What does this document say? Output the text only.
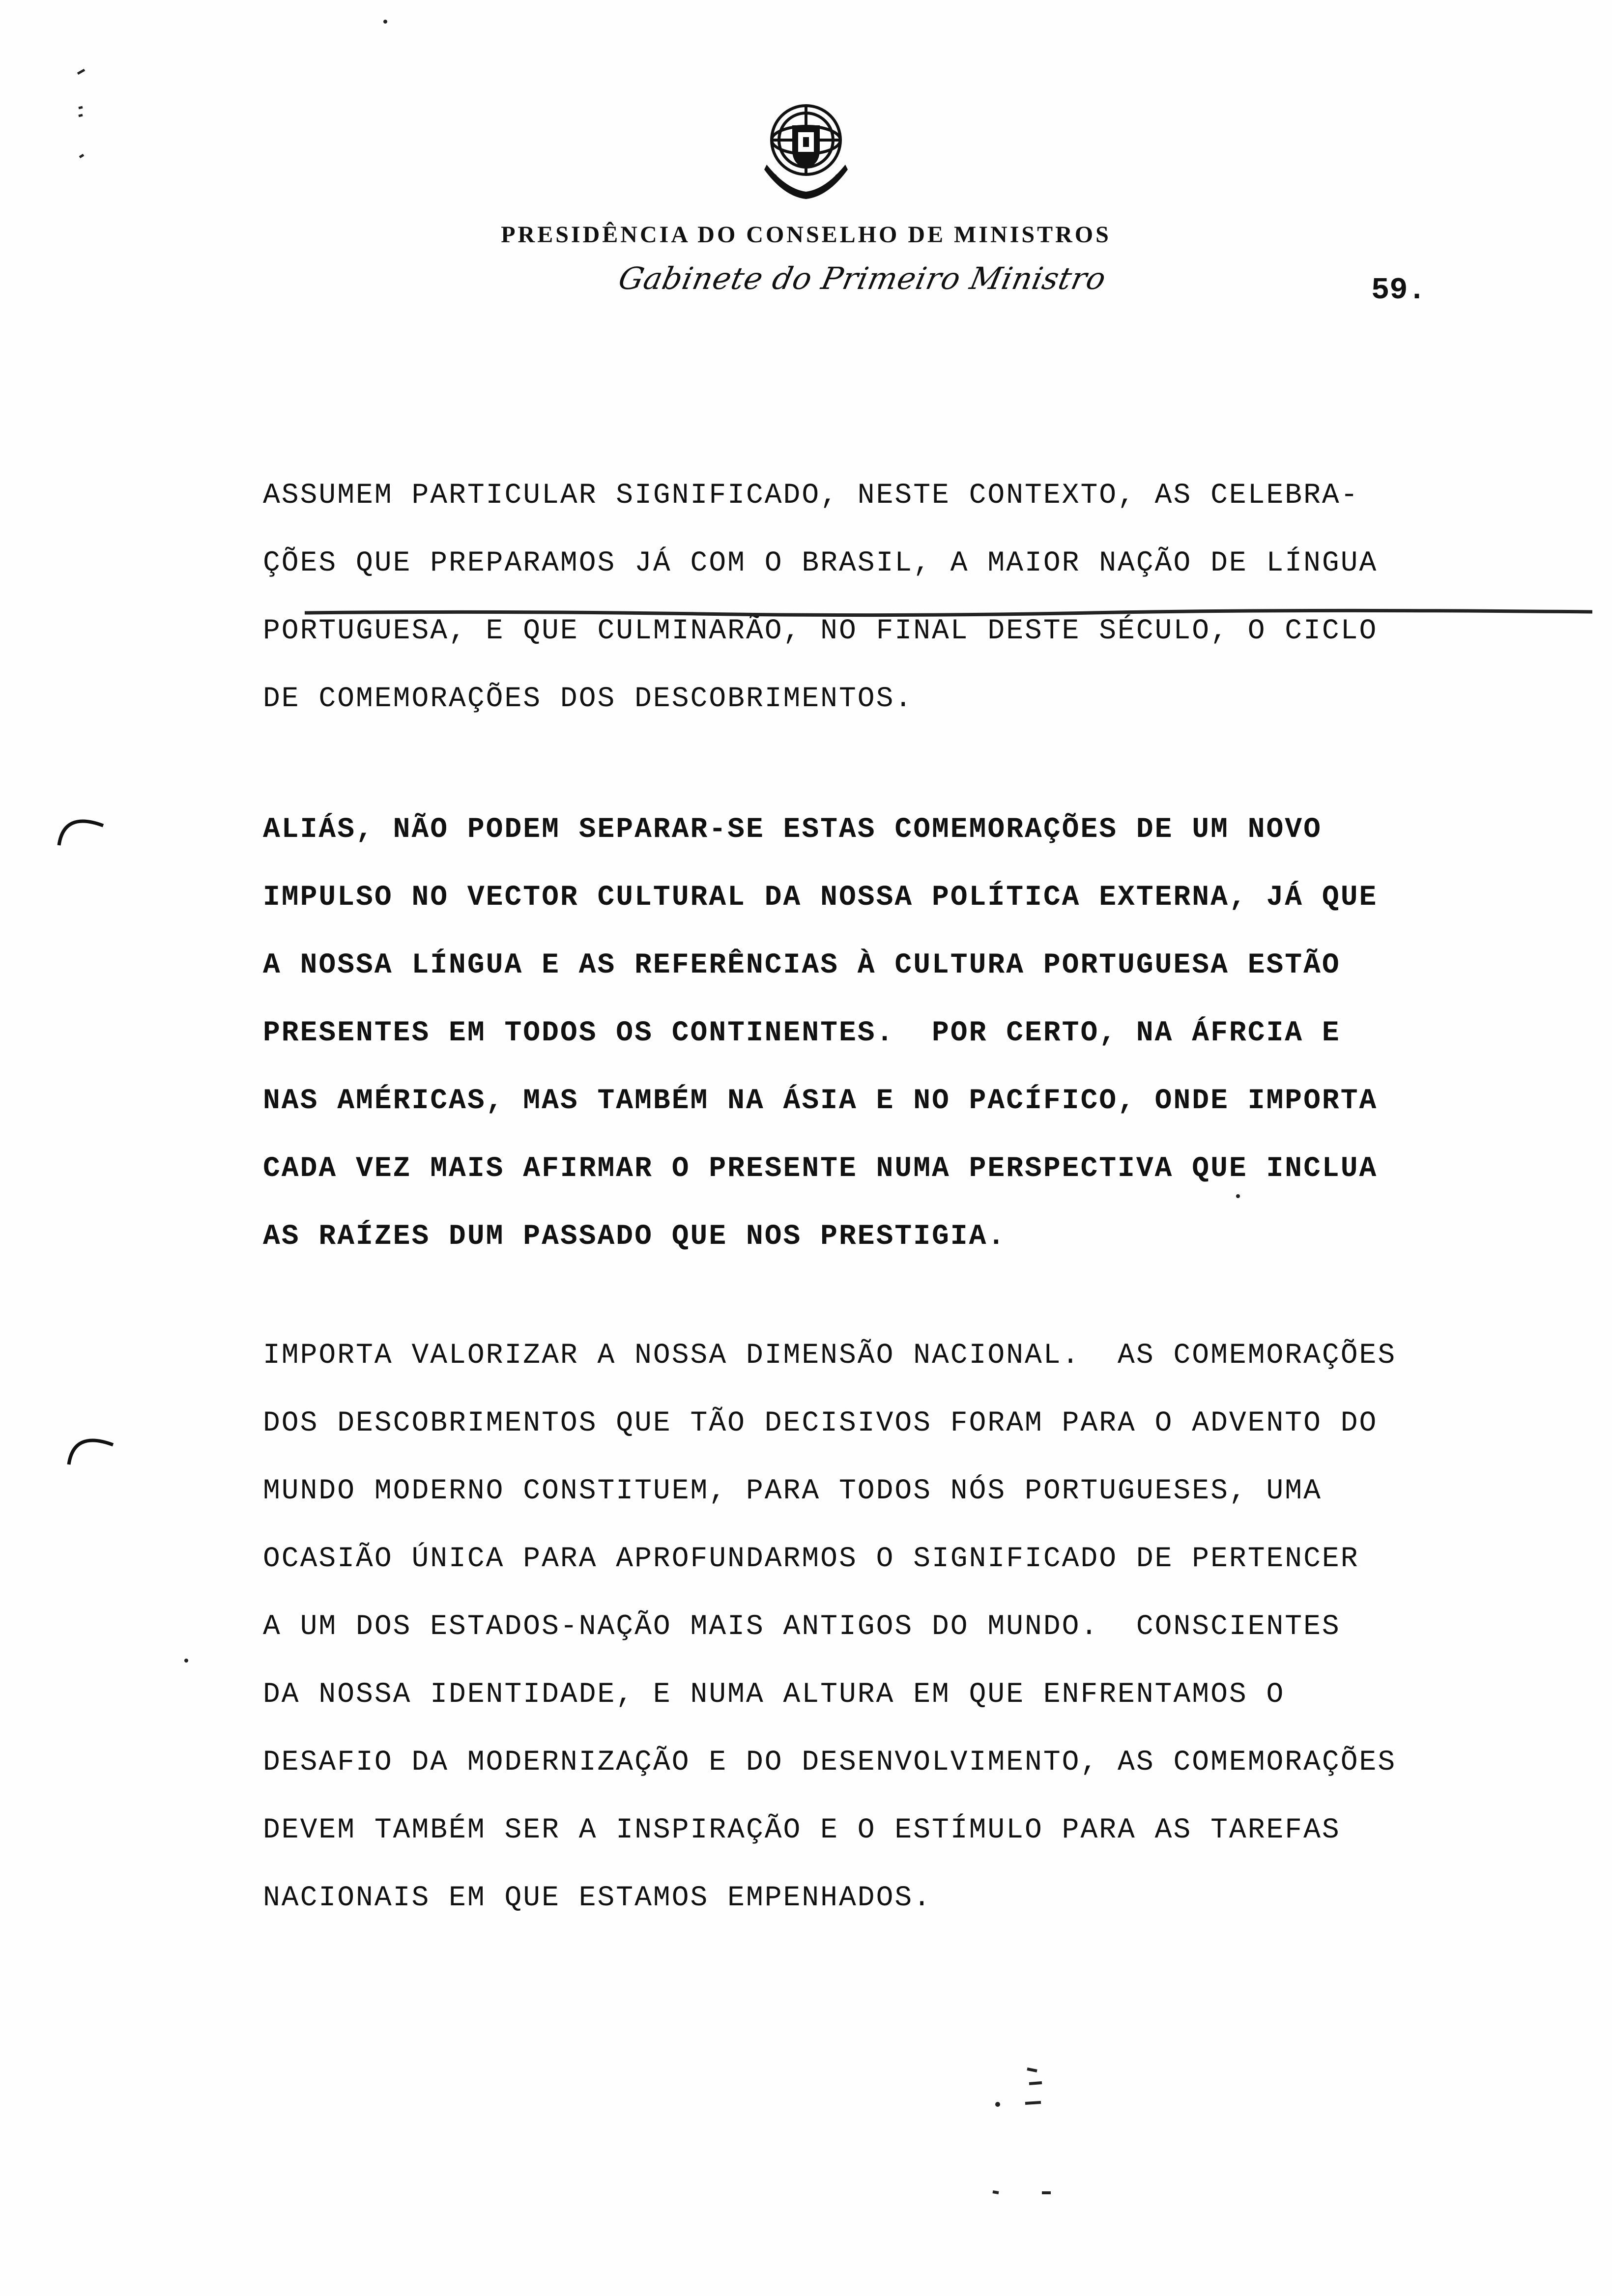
PRESIDÊNCIA DO CONSELHO DE MINISTROS
Gabinete do Primeiro Ministro	59.
ASSUMEM PARTICULAR SIGNIFICADO, NESTE CONTEXTO, AS CELEBRA-
ÇÕES QUE PREPARAMOS JÁ COM O BRASIL, A MAIOR NAÇÃO DE LÍNGUA
PORTUGUESA, E QUE CULMINARÃO, NO FINAL DESTE SÉCULO, O CICLO
DE COMEMORAÇÕES DOS DESCOBRIMENTOS.
ALIÁS, NÃO PODEM SEPARAR-SE ESTAS COMEMORAÇÕES DE UM NOVO
IMPULSO NO VECTOR CULTURAL DA NOSSA POLÍTICA EXTERNA, JÁ QUE
A NOSSA LÍNGUA E AS REFERÊNCIAS À CULTURA PORTUGUESA ESTÃO
PRESENTES EM TODOS OS CONTINENTES.  POR CERTO, NA ÁFRCIA E
NAS AMÉRICAS, MAS TAMBÉM NA ÁSIA E NO PACÍFICO, ONDE IMPORTA
CADA VEZ MAIS AFIRMAR O PRESENTE NUMA PERSPECTIVA QUE INCLUA
AS RAÍZES DUM PASSADO QUE NOS PRESTIGIA.
IMPORTA VALORIZAR A NOSSA DIMENSÃO NACIONAL.  AS COMEMORAÇÕES
DOS DESCOBRIMENTOS QUE TÃO DECISIVOS FORAM PARA O ADVENTO DO
MUNDO MODERNO CONSTITUEM, PARA TODOS NÓS PORTUGUESES, UMA
OCASIÃO ÚNICA PARA APROFUNDARMOS O SIGNIFICADO DE PERTENCER
A UM DOS ESTADOS-NAÇÃO MAIS ANTIGOS DO MUNDO.  CONSCIENTES
DA NOSSA IDENTIDADE, E NUMA ALTURA EM QUE ENFRENTAMOS O
DESAFIO DA MODERNIZAÇÃO E DO DESENVOLVIMENTO, AS COMEMORAÇÕES
DEVEM TAMBÉM SER A INSPIRAÇÃO E O ESTÍMULO PARA AS TAREFAS
NACIONAIS EM QUE ESTAMOS EMPENHADOS.
